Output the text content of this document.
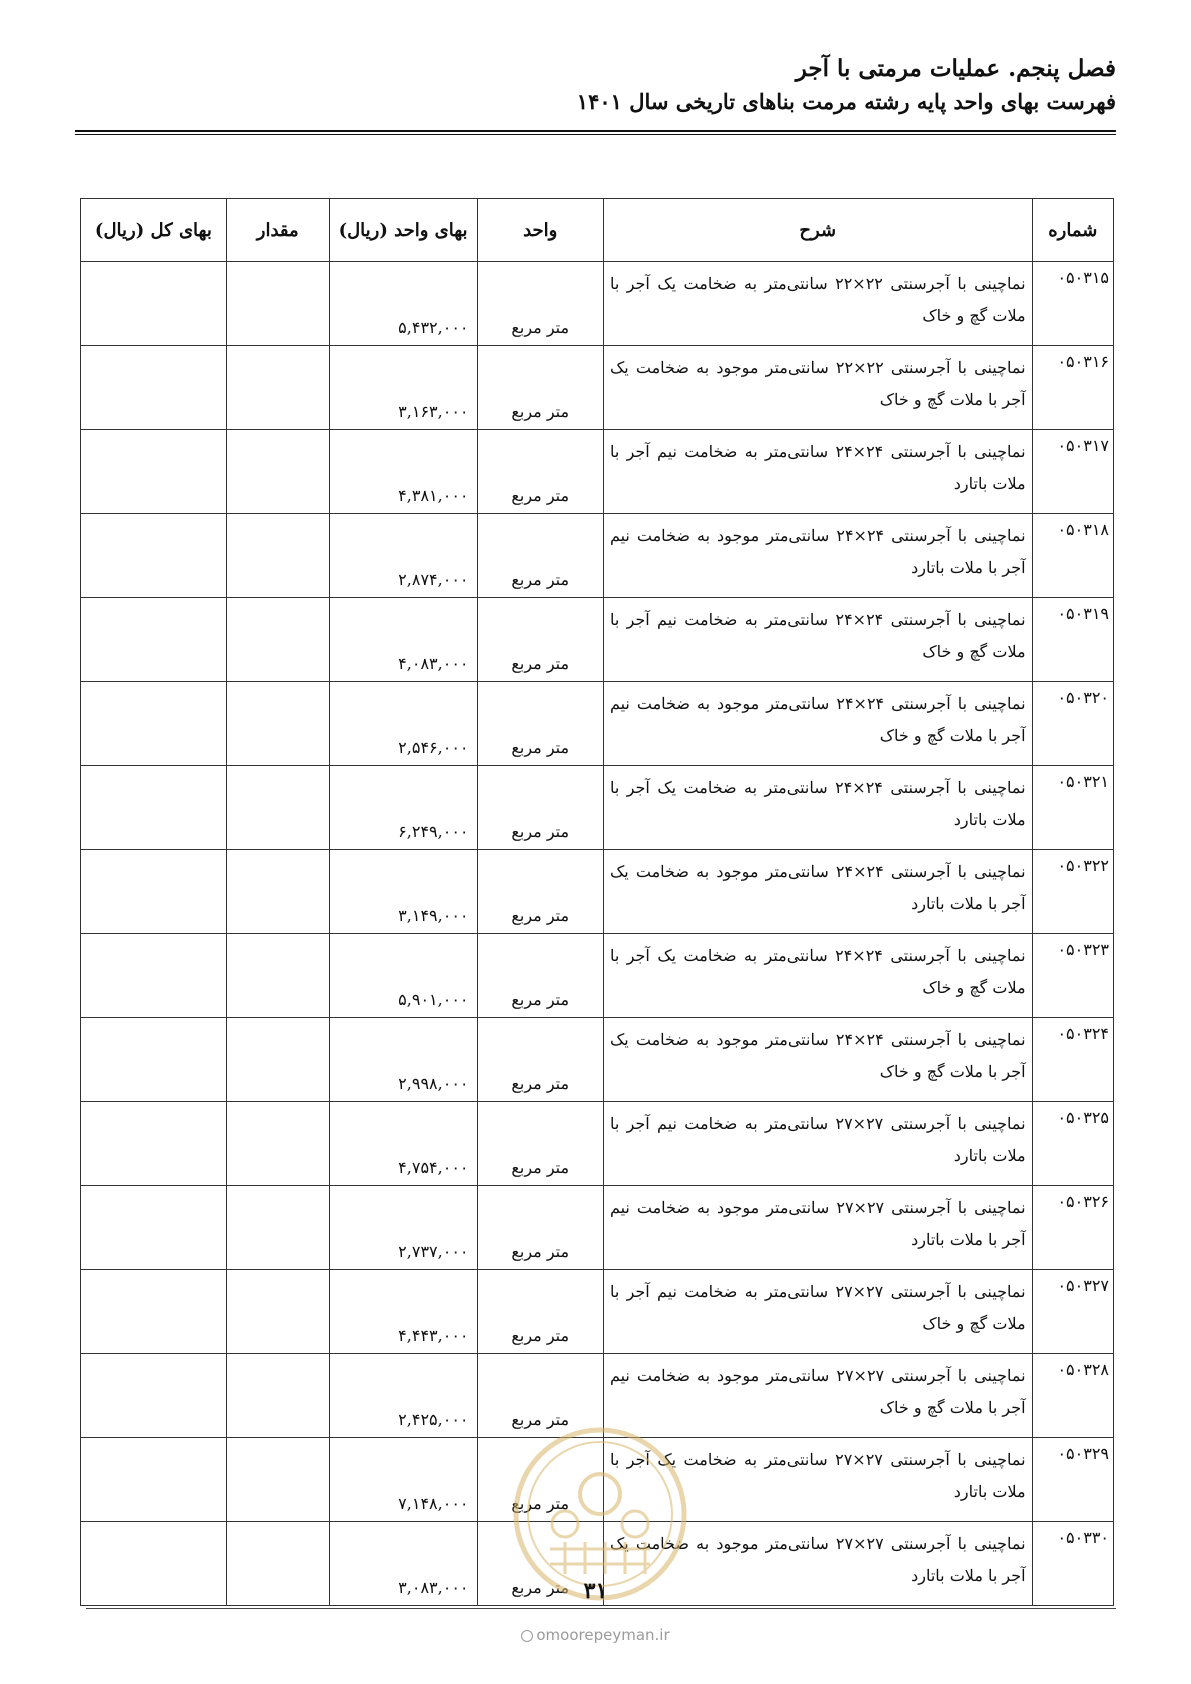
فصل پنجم. عملیات مرمتی با آجر
فهرست بهای واحد پایه رشته مرمت بناهای تاریخی سال ۱۴۰۱
شماره	شرح	واحد	بهای واحد (ریال)	مقدار	بهای کل (ریال)
۰۵۰۳۱۵	نماچینی با آجرسنتی ۲۲×۲۲ سانتی‌متر به ضخامت یک آجر با ملات گچ و خاک	متر مربع	۵,۴۳۲,۰۰۰		
۰۵۰۳۱۶	نماچینی با آجرسنتی ۲۲×۲۲ سانتی‌متر موجود به ضخامت یک آجر با ملات گچ و خاک	متر مربع	۳,۱۶۳,۰۰۰		
۰۵۰۳۱۷	نماچینی با آجرسنتی ۲۴×۲۴ سانتی‌متر به ضخامت نیم آجر با ملات باتارد	متر مربع	۴,۳۸۱,۰۰۰		
۰۵۰۳۱۸	نماچینی با آجرسنتی ۲۴×۲۴ سانتی‌متر موجود به ضخامت نیم آجر با ملات باتارد	متر مربع	۲,۸۷۴,۰۰۰		
۰۵۰۳۱۹	نماچینی با آجرسنتی ۲۴×۲۴ سانتی‌متر به ضخامت نیم آجر با ملات گچ و خاک	متر مربع	۴,۰۸۳,۰۰۰		
۰۵۰۳۲۰	نماچینی با آجرسنتی ۲۴×۲۴ سانتی‌متر موجود به ضخامت نیم آجر با ملات گچ و خاک	متر مربع	۲,۵۴۶,۰۰۰		
۰۵۰۳۲۱	نماچینی با آجرسنتی ۲۴×۲۴ سانتی‌متر به ضخامت یک آجر با ملات باتارد	متر مربع	۶,۲۴۹,۰۰۰		
۰۵۰۳۲۲	نماچینی با آجرسنتی ۲۴×۲۴ سانتی‌متر موجود به ضخامت یک آجر با ملات باتارد	متر مربع	۳,۱۴۹,۰۰۰		
۰۵۰۳۲۳	نماچینی با آجرسنتی ۲۴×۲۴ سانتی‌متر به ضخامت یک آجر با ملات گچ و خاک	متر مربع	۵,۹۰۱,۰۰۰		
۰۵۰۳۲۴	نماچینی با آجرسنتی ۲۴×۲۴ سانتی‌متر موجود به ضخامت یک آجر با ملات گچ و خاک	متر مربع	۲,۹۹۸,۰۰۰		
۰۵۰۳۲۵	نماچینی با آجرسنتی ۲۷×۲۷ سانتی‌متر به ضخامت نیم آجر با ملات باتارد	متر مربع	۴,۷۵۴,۰۰۰		
۰۵۰۳۲۶	نماچینی با آجرسنتی ۲۷×۲۷ سانتی‌متر موجود به ضخامت نیم آجر با ملات باتارد	متر مربع	۲,۷۳۷,۰۰۰		
۰۵۰۳۲۷	نماچینی با آجرسنتی ۲۷×۲۷ سانتی‌متر به ضخامت نیم آجر با ملات گچ و خاک	متر مربع	۴,۴۴۳,۰۰۰		
۰۵۰۳۲۸	نماچینی با آجرسنتی ۲۷×۲۷ سانتی‌متر موجود به ضخامت نیم آجر با ملات گچ و خاک	متر مربع	۲,۴۲۵,۰۰۰		
۰۵۰۳۲۹	نماچینی با آجرسنتی ۲۷×۲۷ سانتی‌متر به ضخامت یک آجر با ملات باتارد	متر مربع	۷,۱۴۸,۰۰۰		
۰۵۰۳۳۰	نماچینی با آجرسنتی ۲۷×۲۷ سانتی‌متر موجود به ضخامت یک آجر با ملات باتارد	متر مربع	۳,۰۸۳,۰۰۰			۳۱
omoorepeyman.ir
